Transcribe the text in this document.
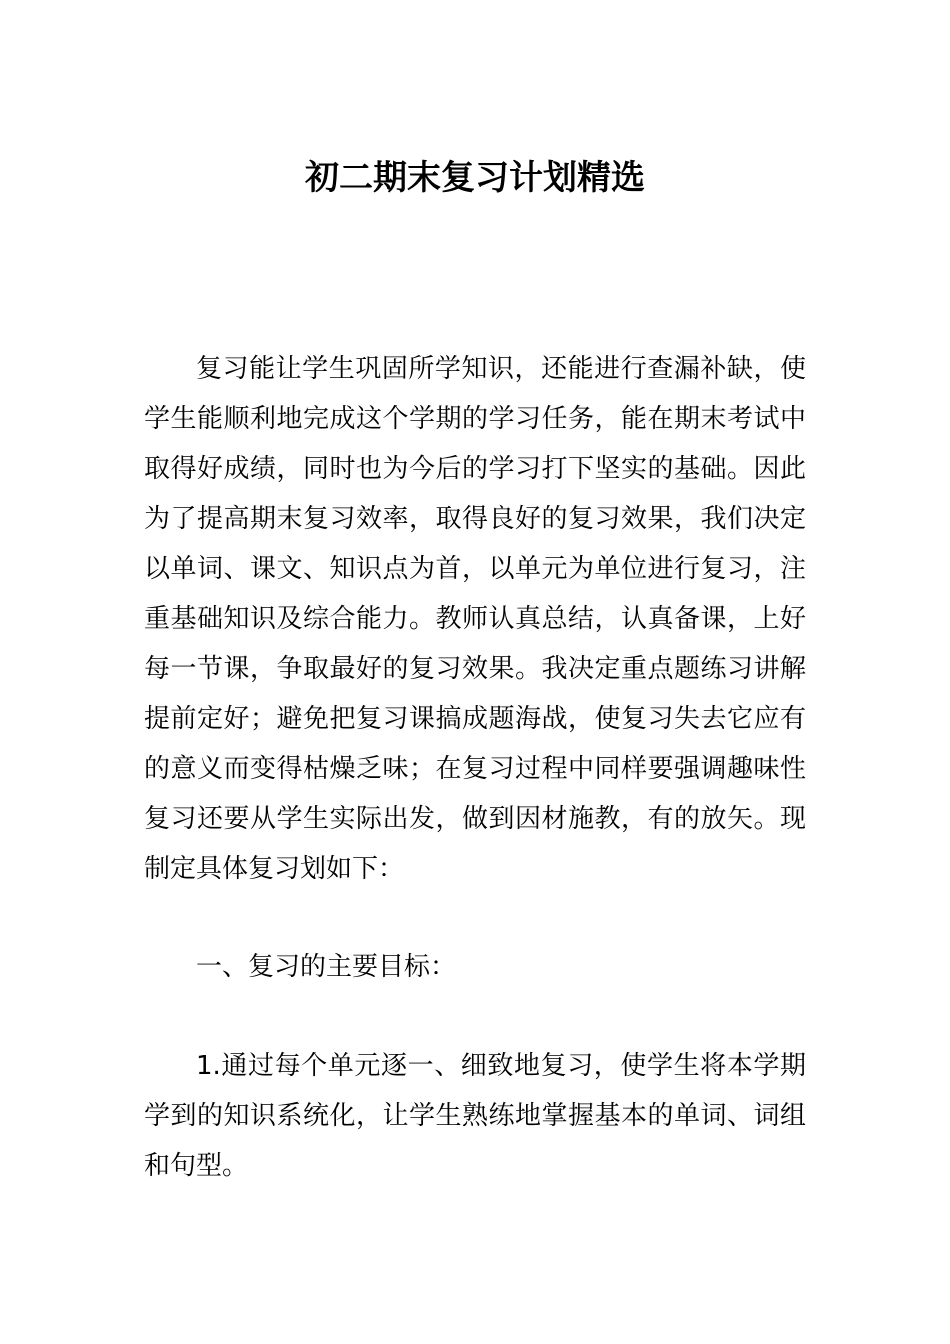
初二期末复习计划精选

复习能让学生巩固所学知识，还能进行查漏补缺，使学生能顺利地完成这个学期的学习任务，能在期末考试中取得好成绩，同时也为今后的学习打下坚实的基础。因此为了提高期末复习效率，取得良好的复习效果，我们决定以单词、课文、知识点为首，以单元为单位进行复习，注重基础知识及综合能力。教师认真总结，认真备课，上好每一节课，争取最好的复习效果。我决定重点题练习讲解提前定好；避免把复习课搞成题海战，使复习失去它应有的意义而变得枯燥乏味；在复习过程中同样要强调趣味性复习还要从学生实际出发，做到因材施教，有的放矢。现制定具体复习划如下：

一、复习的主要目标：

1.通过每个单元逐一、细致地复习，使学生将本学期学到的知识系统化，让学生熟练地掌握基本的单词、词组和句型。
